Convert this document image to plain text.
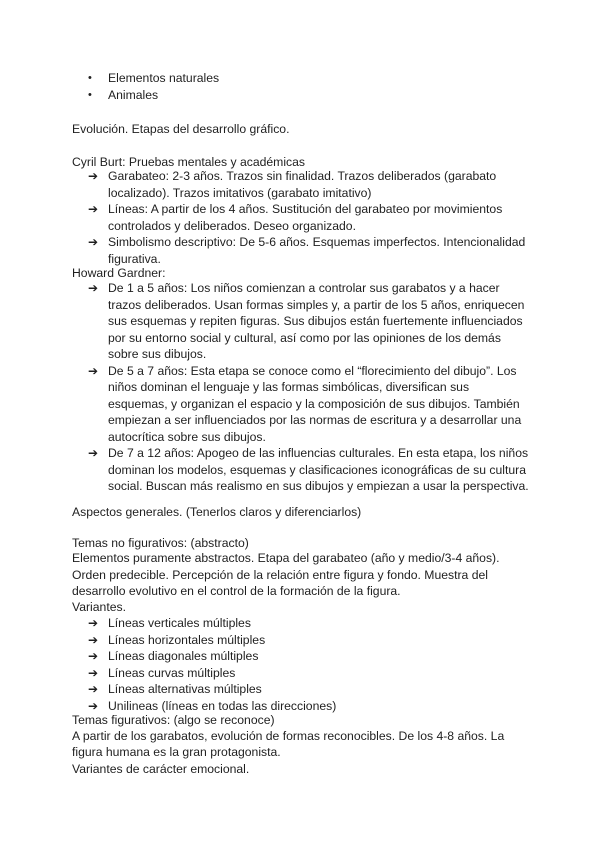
• Elementos naturales
• Animales
Evolución. Etapas del desarrollo gráfico.
Cyril Burt: Pruebas mentales y académicas
➔ Garabateo: 2-3 años. Trazos sin finalidad. Trazos deliberados (garabato
localizado). Trazos imitativos (garabato imitativo)
➔ Líneas: A partir de los 4 años. Sustitución del garabateo por movimientos
controlados y deliberados. Deseo organizado.
➔ Simbolismo descriptivo: De 5-6 años. Esquemas imperfectos. Intencionalidad
figurativa.
Howard Gardner:
➔ De 1 a 5 años: Los niños comienzan a controlar sus garabatos y a hacer
trazos deliberados. Usan formas simples y, a partir de los 5 años, enriquecen
sus esquemas y repiten figuras. Sus dibujos están fuertemente influenciados
por su entorno social y cultural, así como por las opiniones de los demás
sobre sus dibujos.
➔ De 5 a 7 años: Esta etapa se conoce como el “florecimiento del dibujo”. Los
niños dominan el lenguaje y las formas simbólicas, diversifican sus
esquemas, y organizan el espacio y la composición de sus dibujos. También
empiezan a ser influenciados por las normas de escritura y a desarrollar una
autocrítica sobre sus dibujos.
➔ De 7 a 12 años: Apogeo de las influencias culturales. En esta etapa, los niños
dominan los modelos, esquemas y clasificaciones iconográficas de su cultura
social. Buscan más realismo en sus dibujos y empiezan a usar la perspectiva.
Aspectos generales. (Tenerlos claros y diferenciarlos)
Temas no figurativos: (abstracto)
Elementos puramente abstractos. Etapa del garabateo (año y medio/3-4 años).
Orden predecible. Percepción de la relación entre figura y fondo. Muestra del
desarrollo evolutivo en el control de la formación de la figura.
Variantes.
➔ Líneas verticales múltiples
➔ Líneas horizontales múltiples
➔ Líneas diagonales múltiples
➔ Líneas curvas múltiples
➔ Líneas alternativas múltiples
➔ Unilineas (líneas en todas las direcciones)
Temas figurativos: (algo se reconoce)
A partir de los garabatos, evolución de formas reconocibles. De los 4-8 años. La
figura humana es la gran protagonista.
Variantes de carácter emocional.
